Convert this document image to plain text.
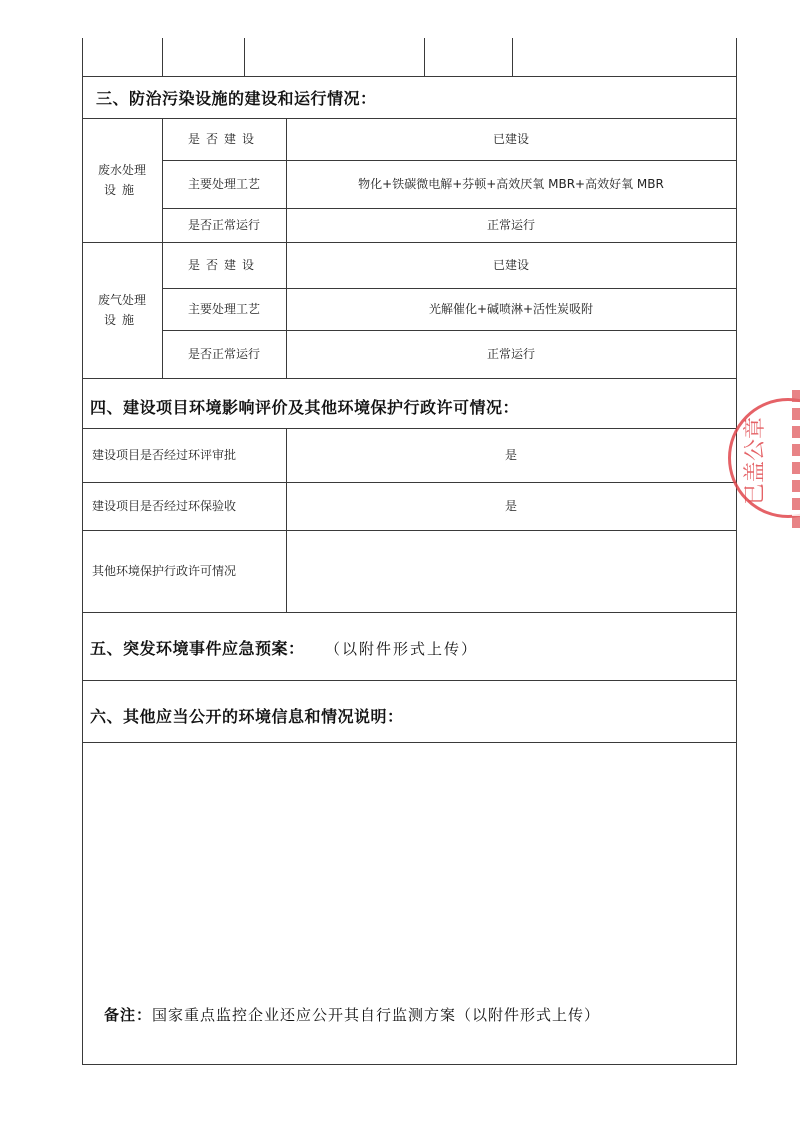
三、防治污染设施的建设和运行情况：
废水处理
设施
是否建设	已建设
主要处理工艺	物化+铁碳微电解+芬顿+高效厌氧 MBR+高效好氧 MBR
是否正常运行	正常运行
废气处理
设施
是否建设	已建设
主要处理工艺	光解催化+碱喷淋+活性炭吸附
是否正常运行	正常运行
四、建设项目环境影响评价及其他环境保护行政许可情况：
建设项目是否经过环评审批	是
建设项目是否经过环保验收	是
其他环境保护行政许可情况
五、突发环境事件应急预案： （以附件形式上传）
六、其他应当公开的环境信息和情况说明：
备注：国家重点监控企业还应公开其自行监测方案（以附件形式上传）
已盖公章
